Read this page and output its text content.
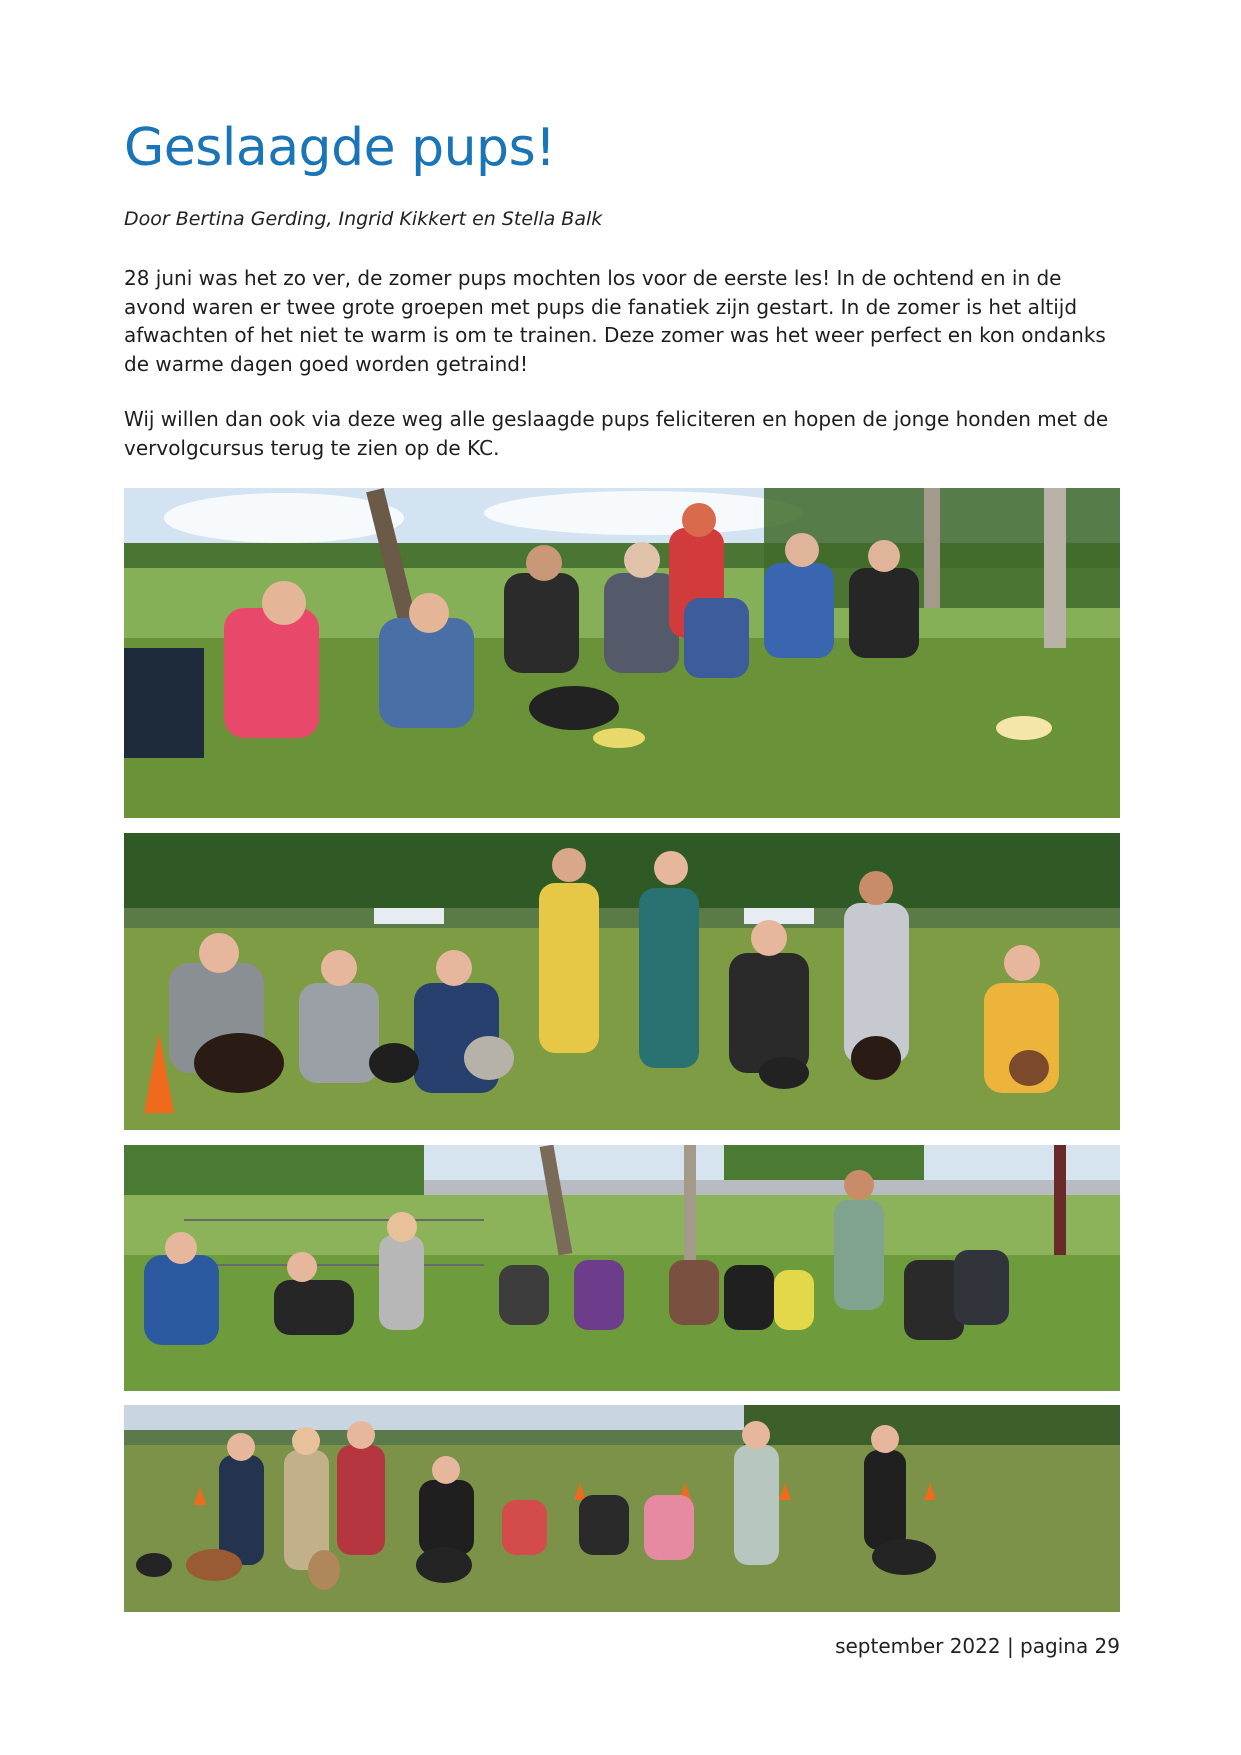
Geslaagde pups!

Door Bertina Gerding, Ingrid Kikkert en Stella Balk

28 juni was het zo ver, de zomer pups mochten los voor de eerste les! In de ochtend en in de avond waren er twee grote groepen met pups die fanatiek zijn gestart. In de zomer is het altijd afwachten of het niet te warm is om te trainen. Deze zomer was het weer perfect en kon ondanks de warme dagen goed worden getraind!

Wij willen dan ook via deze weg alle geslaagde pups feliciteren en hopen de jonge honden met de vervolgcursus terug te zien op de KC.

september 2022 | pagina 29
